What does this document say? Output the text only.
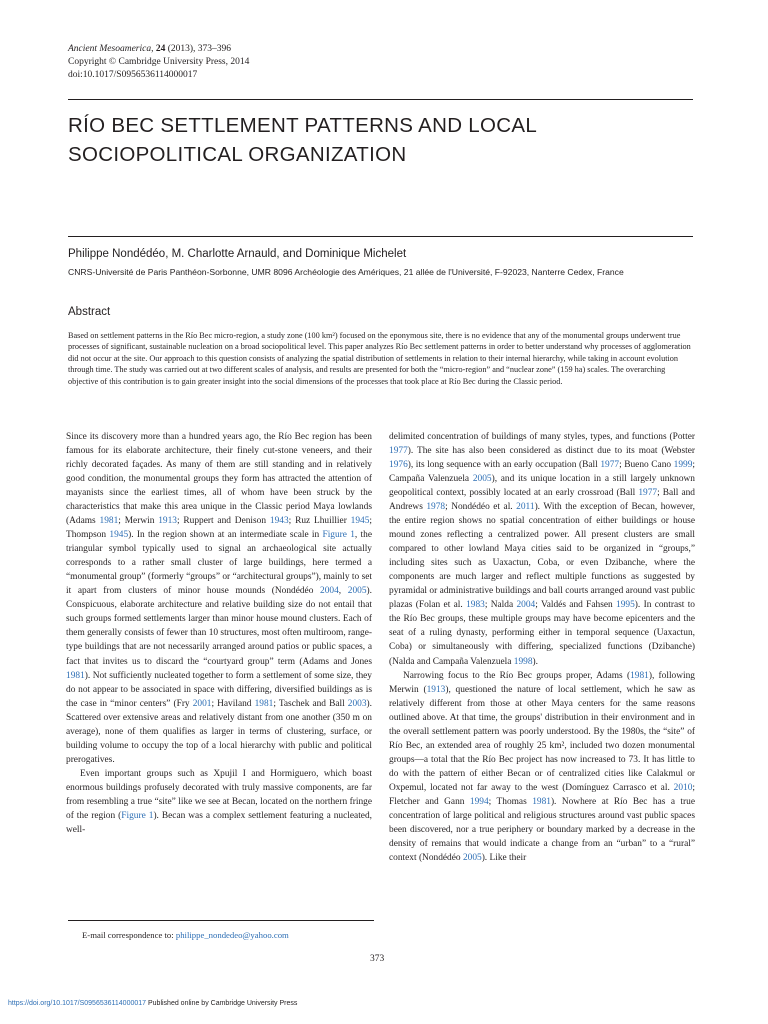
Ancient Mesoamerica, 24 (2013), 373–396
Copyright © Cambridge University Press, 2014
doi:10.1017/S0956536114000017
RÍO BEC SETTLEMENT PATTERNS AND LOCAL
SOCIOPOLITICAL ORGANIZATION
Philippe Nondédéo, M. Charlotte Arnauld, and Dominique Michelet
CNRS-Université de Paris Panthéon-Sorbonne, UMR 8096 Archéologie des Amériques, 21 allée de l'Université, F-92023, Nanterre Cedex, France
Abstract

Based on settlement patterns in the Río Bec micro-region, a study zone (100 km²) focused on the eponymous site, there is no evidence that any of the monumental groups underwent true processes of significant, sustainable nucleation on a broad sociopolitical level. This paper analyzes Río Bec settlement patterns in order to better understand why processes of agglomeration did not occur at the site. Our approach to this question consists of analyzing the spatial distribution of settlements in relation to their internal hierarchy, while taking in account evolution through time. The study was carried out at two different scales of analysis, and results are presented for both the “micro-region” and “nuclear zone” (159 ha) scales. The overarching objective of this contribution is to gain greater insight into the social dimensions of the processes that took place at Río Bec during the Classic period.

Since its discovery more than a hundred years ago, the Río Bec region has been famous for its elaborate architecture, their finely cut-stone veneers, and their richly decorated façades. As many of them are still standing and in relatively good condition, the monumental groups they form has attracted the attention of mayanists since the earliest times, all of whom have been struck by the characteristics that make this area unique in the Classic period Maya lowlands (Adams 1981; Merwin 1913; Ruppert and Denison 1943; Ruz Lhuillier 1945; Thompson 1945). In the region shown at an intermediate scale in Figure 1, the triangular symbol typically used to signal an archaeological site actually corresponds to a rather small cluster of large buildings, here termed a “monumental group” (formerly “groups” or “architectural groups”), mainly to set it apart from clusters of minor house mounds (Nondédéo 2004, 2005). Conspicuous, elaborate architecture and relative building size do not entail that such groups formed settlements larger than minor house mound clusters. Each of them generally consists of fewer than 10 structures, most often multiroom, range-type buildings that are not necessarily arranged around patios or public spaces, a fact that invites us to discard the “courtyard group” term (Adams and Jones 1981). Not sufficiently nucleated together to form a settlement of some size, they do not appear to be associated in space with differing, diversified buildings as is the case in “minor centers” (Fry 2001; Haviland 1981; Taschek and Ball 2003). Scattered over extensive areas and relatively distant from one another (350 m on average), none of them qualifies as larger in terms of clustering, surface, or building volume to occupy the top of a local hierarchy with public and political prerogatives.

Even important groups such as Xpujil I and Hormiguero, which boast enormous buildings profusely decorated with truly massive components, are far from resembling a true “site” like we see at Becan, located on the northern fringe of the region (Figure 1). Becan was a complex settlement featuring a nucleated, well-

delimited concentration of buildings of many styles, types, and functions (Potter 1977). The site has also been considered as distinct due to its moat (Webster 1976), its long sequence with an early occupation (Ball 1977; Bueno Cano 1999; Campaña Valenzuela 2005), and its unique location in a still largely unknown geopolitical context, possibly located at an early crossroad (Ball 1977; Ball and Andrews 1978; Nondédéo et al. 2011). With the exception of Becan, however, the entire region shows no spatial concentration of either buildings or house mound zones reflecting a centralized power. All present clusters are small compared to other lowland Maya cities said to be organized in “groups,” including sites such as Uaxactun, Coba, or even Dzibanche, where the components are much larger and reflect multiple functions as suggested by pyramidal or administrative buildings and ball courts arranged around vast public plazas (Folan et al. 1983; Nalda 2004; Valdés and Fahsen 1995). In contrast to the Río Bec groups, these multiple groups may have become epicenters and the seat of a ruling dynasty, performing either in temporal sequence (Uaxactun, Coba) or simultaneously with differing, specialized functions (Dzibanche) (Nalda and Campaña Valenzuela 1998).

Narrowing focus to the Río Bec groups proper, Adams (1981), following Merwin (1913), questioned the nature of local settlement, which he saw as relatively different from those at other Maya centers for the same reasons outlined above. At that time, the groups' distribution in their environment and in the overall settlement pattern was poorly understood. By the 1980s, the “site” of Río Bec, an extended area of roughly 25 km², included two dozen monumental groups—a total that the Río Bec project has now increased to 73. It has little to do with the pattern of either Becan or of centralized cities like Calakmul or Oxpemul, located not far away to the west (Domínguez Carrasco et al. 2010; Fletcher and Gann 1994; Thomas 1981). Nowhere at Río Bec has a true concentration of large political and religious structures around vast public spaces been discovered, nor a true periphery or boundary marked by a decrease in the density of remains that would indicate a change from an “urban” to a “rural” context (Nondédéo 2005). Like their

E-mail correspondence to: philippe_nondedeo@yahoo.com
373
https://doi.org/10.1017/S0956536114000017 Published online by Cambridge University Press
